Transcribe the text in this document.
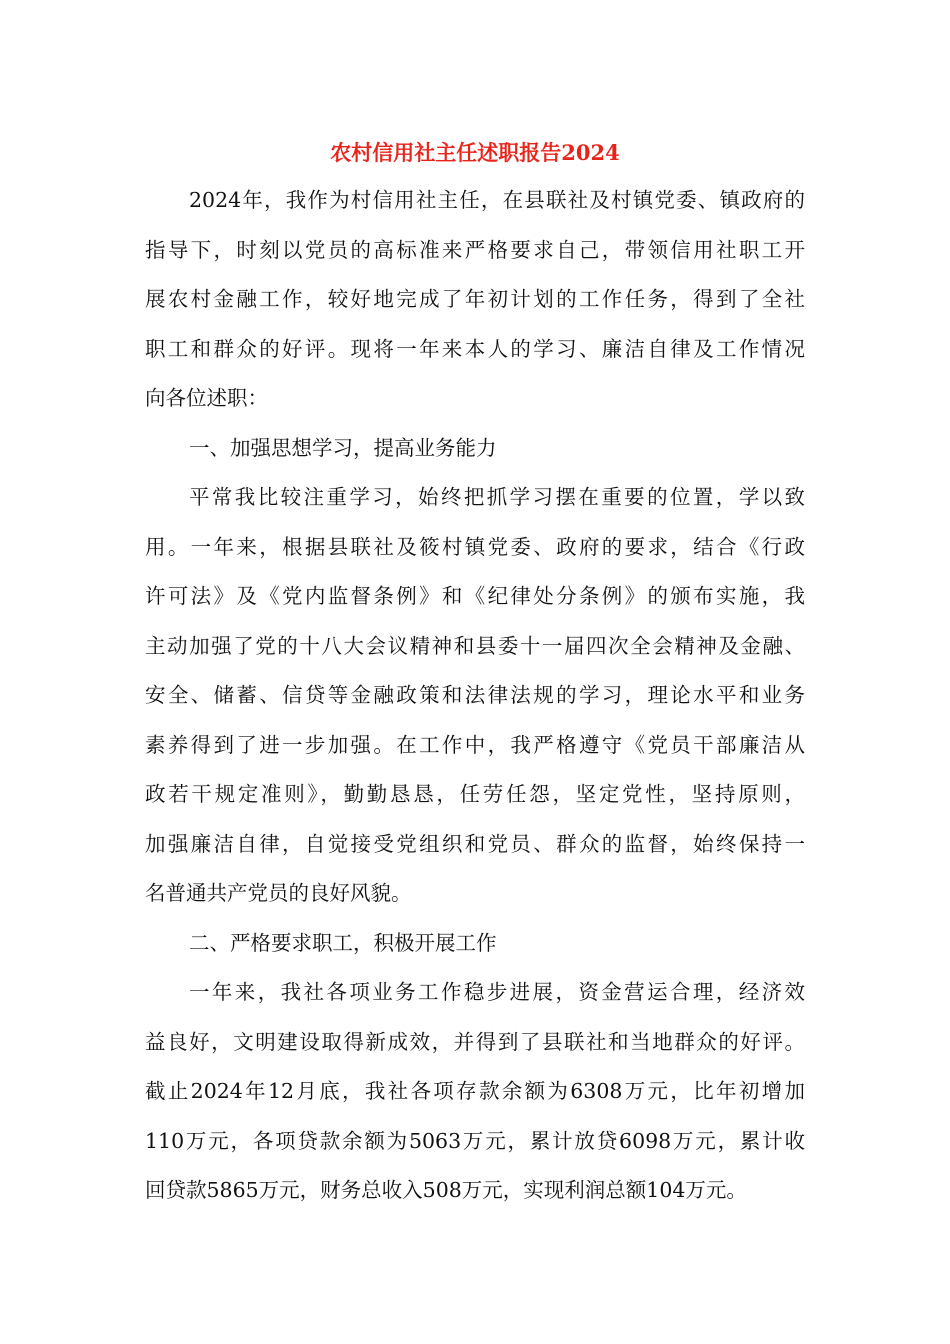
农村信用社主任述职报告2024
2024年，我作为村信用社主任，在县联社及村镇党委、镇政府的
指导下，时刻以党员的高标准来严格要求自己，带领信用社职工开
展农村金融工作，较好地完成了年初计划的工作任务，得到了全社
职工和群众的好评。现将一年来本人的学习、廉洁自律及工作情况
向各位述职：
一、加强思想学习，提高业务能力
平常我比较注重学习，始终把抓学习摆在重要的位置，学以致
用。一年来，根据县联社及筱村镇党委、政府的要求，结合《行政
许可法》及《党内监督条例》和《纪律处分条例》的颁布实施，我
主动加强了党的十八大会议精神和县委十一届四次全会精神及金融、
安全、储蓄、信贷等金融政策和法律法规的学习，理论水平和业务
素养得到了进一步加强。在工作中，我严格遵守《党员干部廉洁从
政若干规定准则》，勤勤恳恳，任劳任怨，坚定党性，坚持原则，
加强廉洁自律，自觉接受党组织和党员、群众的监督，始终保持一
名普通共产党员的良好风貌。
二、严格要求职工，积极开展工作
一年来，我社各项业务工作稳步进展，资金营运合理，经济效
益良好，文明建设取得新成效，并得到了县联社和当地群众的好评。
截止2024年12月底，我社各项存款余额为6308万元，比年初增加
110万元，各项贷款余额为5063万元，累计放贷6098万元，累计收
回贷款5865万元，财务总收入508万元，实现利润总额104万元。
